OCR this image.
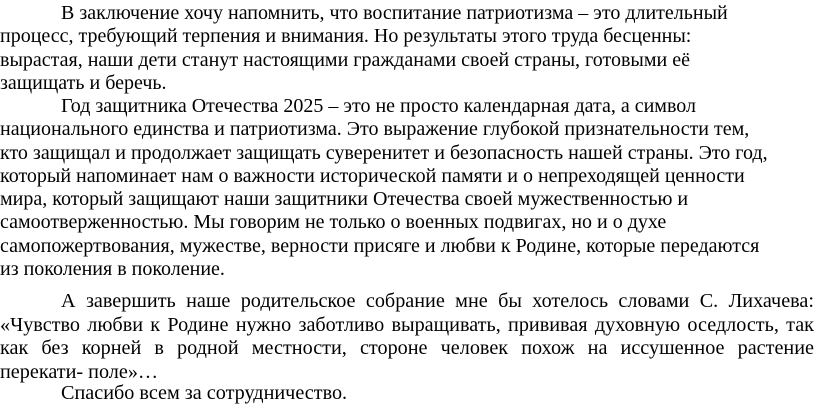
В заключение хочу напомнить, что воспитание патриотизма – это длительный
процесс, требующий терпения и внимания. Но результаты этого труда бесценны:
вырастая, наши дети станут настоящими гражданами своей страны, готовыми её
защищать и беречь.
Год защитника Отечества 2025 – это не просто календарная дата, а символ
национального единства и патриотизма. Это выражение глубокой признательности тем,
кто защищал и продолжает защищать суверенитет и безопасность нашей страны. Это год,
который напоминает нам о важности исторической памяти и о непреходящей ценности
мира, который защищают наши защитники Отечества своей мужественностью и
самоотверженностью. Мы говорим не только о военных подвигах, но и о духе
самопожертвования, мужестве, верности присяге и любви к Родине, которые передаются
из поколения в поколение.
А завершить наше родительское собрание мне бы хотелось словами С. Лихачева:
«Чувство любви к Родине нужно заботливо выращивать, прививая духовную оседлость, так
как без корней в родной местности, стороне человек похож на иссушенное растение
перекати- поле»…
Спасибо всем за сотрудничество.
